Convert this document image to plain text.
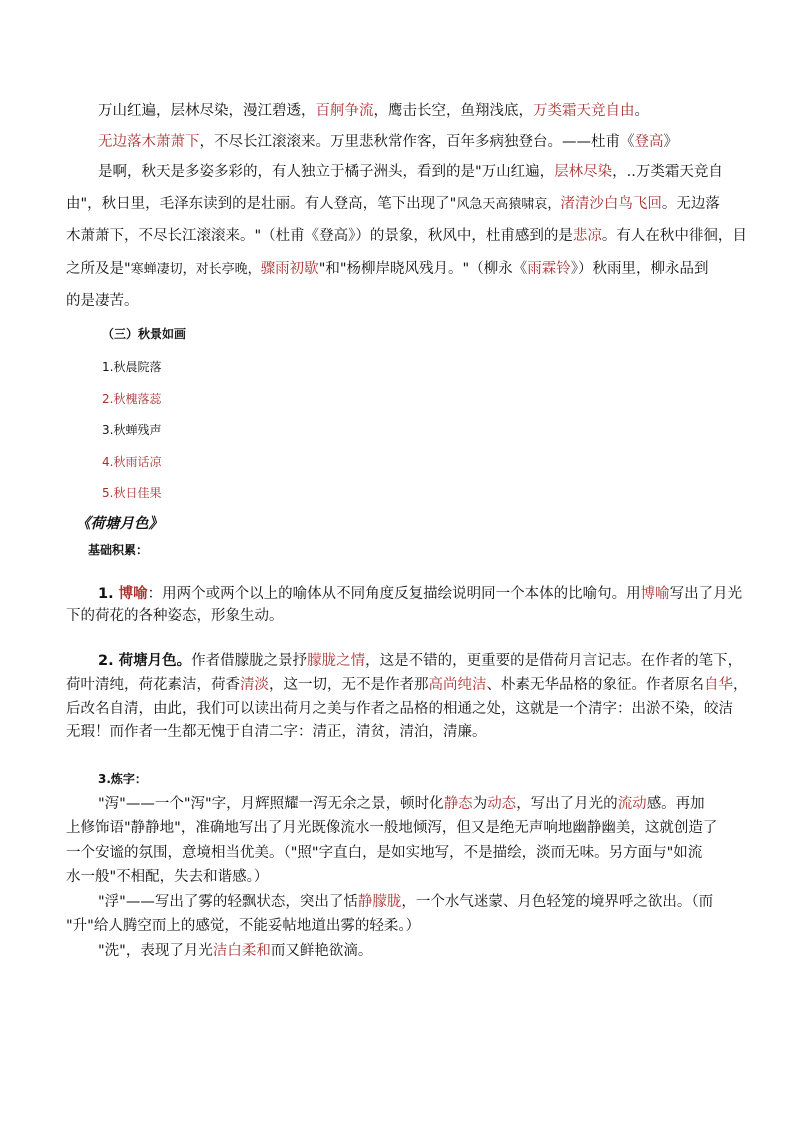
万山红遍，层林尽染，漫江碧透，百舸争流，鹰击长空，鱼翔浅底，万类霜天竞自由。
无边落木萧萧下，不尽长江滚滚来。万里悲秋常作客，百年多病独登台。——杜甫《登高》
是啊，秋天是多姿多彩的，有人独立于橘子洲头，看到的是"万山红遍，层林尽染，..万类霜天竞自
由"，秋日里，毛泽东读到的是壮丽。有人登高，笔下出现了"风急天高猿啸哀，渚清沙白鸟飞回。无边落
木萧萧下，不尽长江滚滚来。"（杜甫《登高》）的景象，秋风中，杜甫感到的是悲凉。有人在秋中徘徊，目
之所及是"寒蝉凄切，对长亭晚，骤雨初歇"和"杨柳岸晓风残月。"（柳永《雨霖铃》）秋雨里，柳永品到
的是凄苦。
（三）秋景如画
1.秋晨院落
2.秋槐落蕊
3.秋蝉残声
4.秋雨话凉
5.秋日佳果
《荷塘月色》
基础积累：
1. 博喻：用两个或两个以上的喻体从不同角度反复描绘说明同一个本体的比喻句。用博喻写出了月光
下的荷花的各种姿态，形象生动。
2. 荷塘月色。作者借朦胧之景抒朦胧之情，这是不错的，更重要的是借荷月言记志。在作者的笔下，
荷叶清纯，荷花素洁，荷香清淡，这一切，无不是作者那高尚纯洁、朴素无华品格的象征。作者原名自华，
后改名自清，由此，我们可以读出荷月之美与作者之品格的相通之处，这就是一个清字：出淤不染，皎洁
无瑕！而作者一生都无愧于自清二字：清正，清贫，清泊，清廉。
3.炼字：
"泻"——一个"泻"字，月辉照耀一泻无余之景，顿时化静态为动态，写出了月光的流动感。再加
上修饰语"静静地"，准确地写出了月光既像流水一般地倾泻，但又是绝无声响地幽静幽美，这就创造了
一个安谧的氛围，意境相当优美。（"照"字直白，是如实地写，不是描绘，淡而无味。另方面与"如流
水一般"不相配，失去和谐感。）
"浮"——写出了雾的轻飘状态，突出了恬静朦胧，一个水气迷蒙、月色轻笼的境界呼之欲出。（而
"升"给人腾空而上的感觉，不能妥帖地道出雾的轻柔。）
"洗"，表现了月光洁白柔和而又鲜艳欲滴。
